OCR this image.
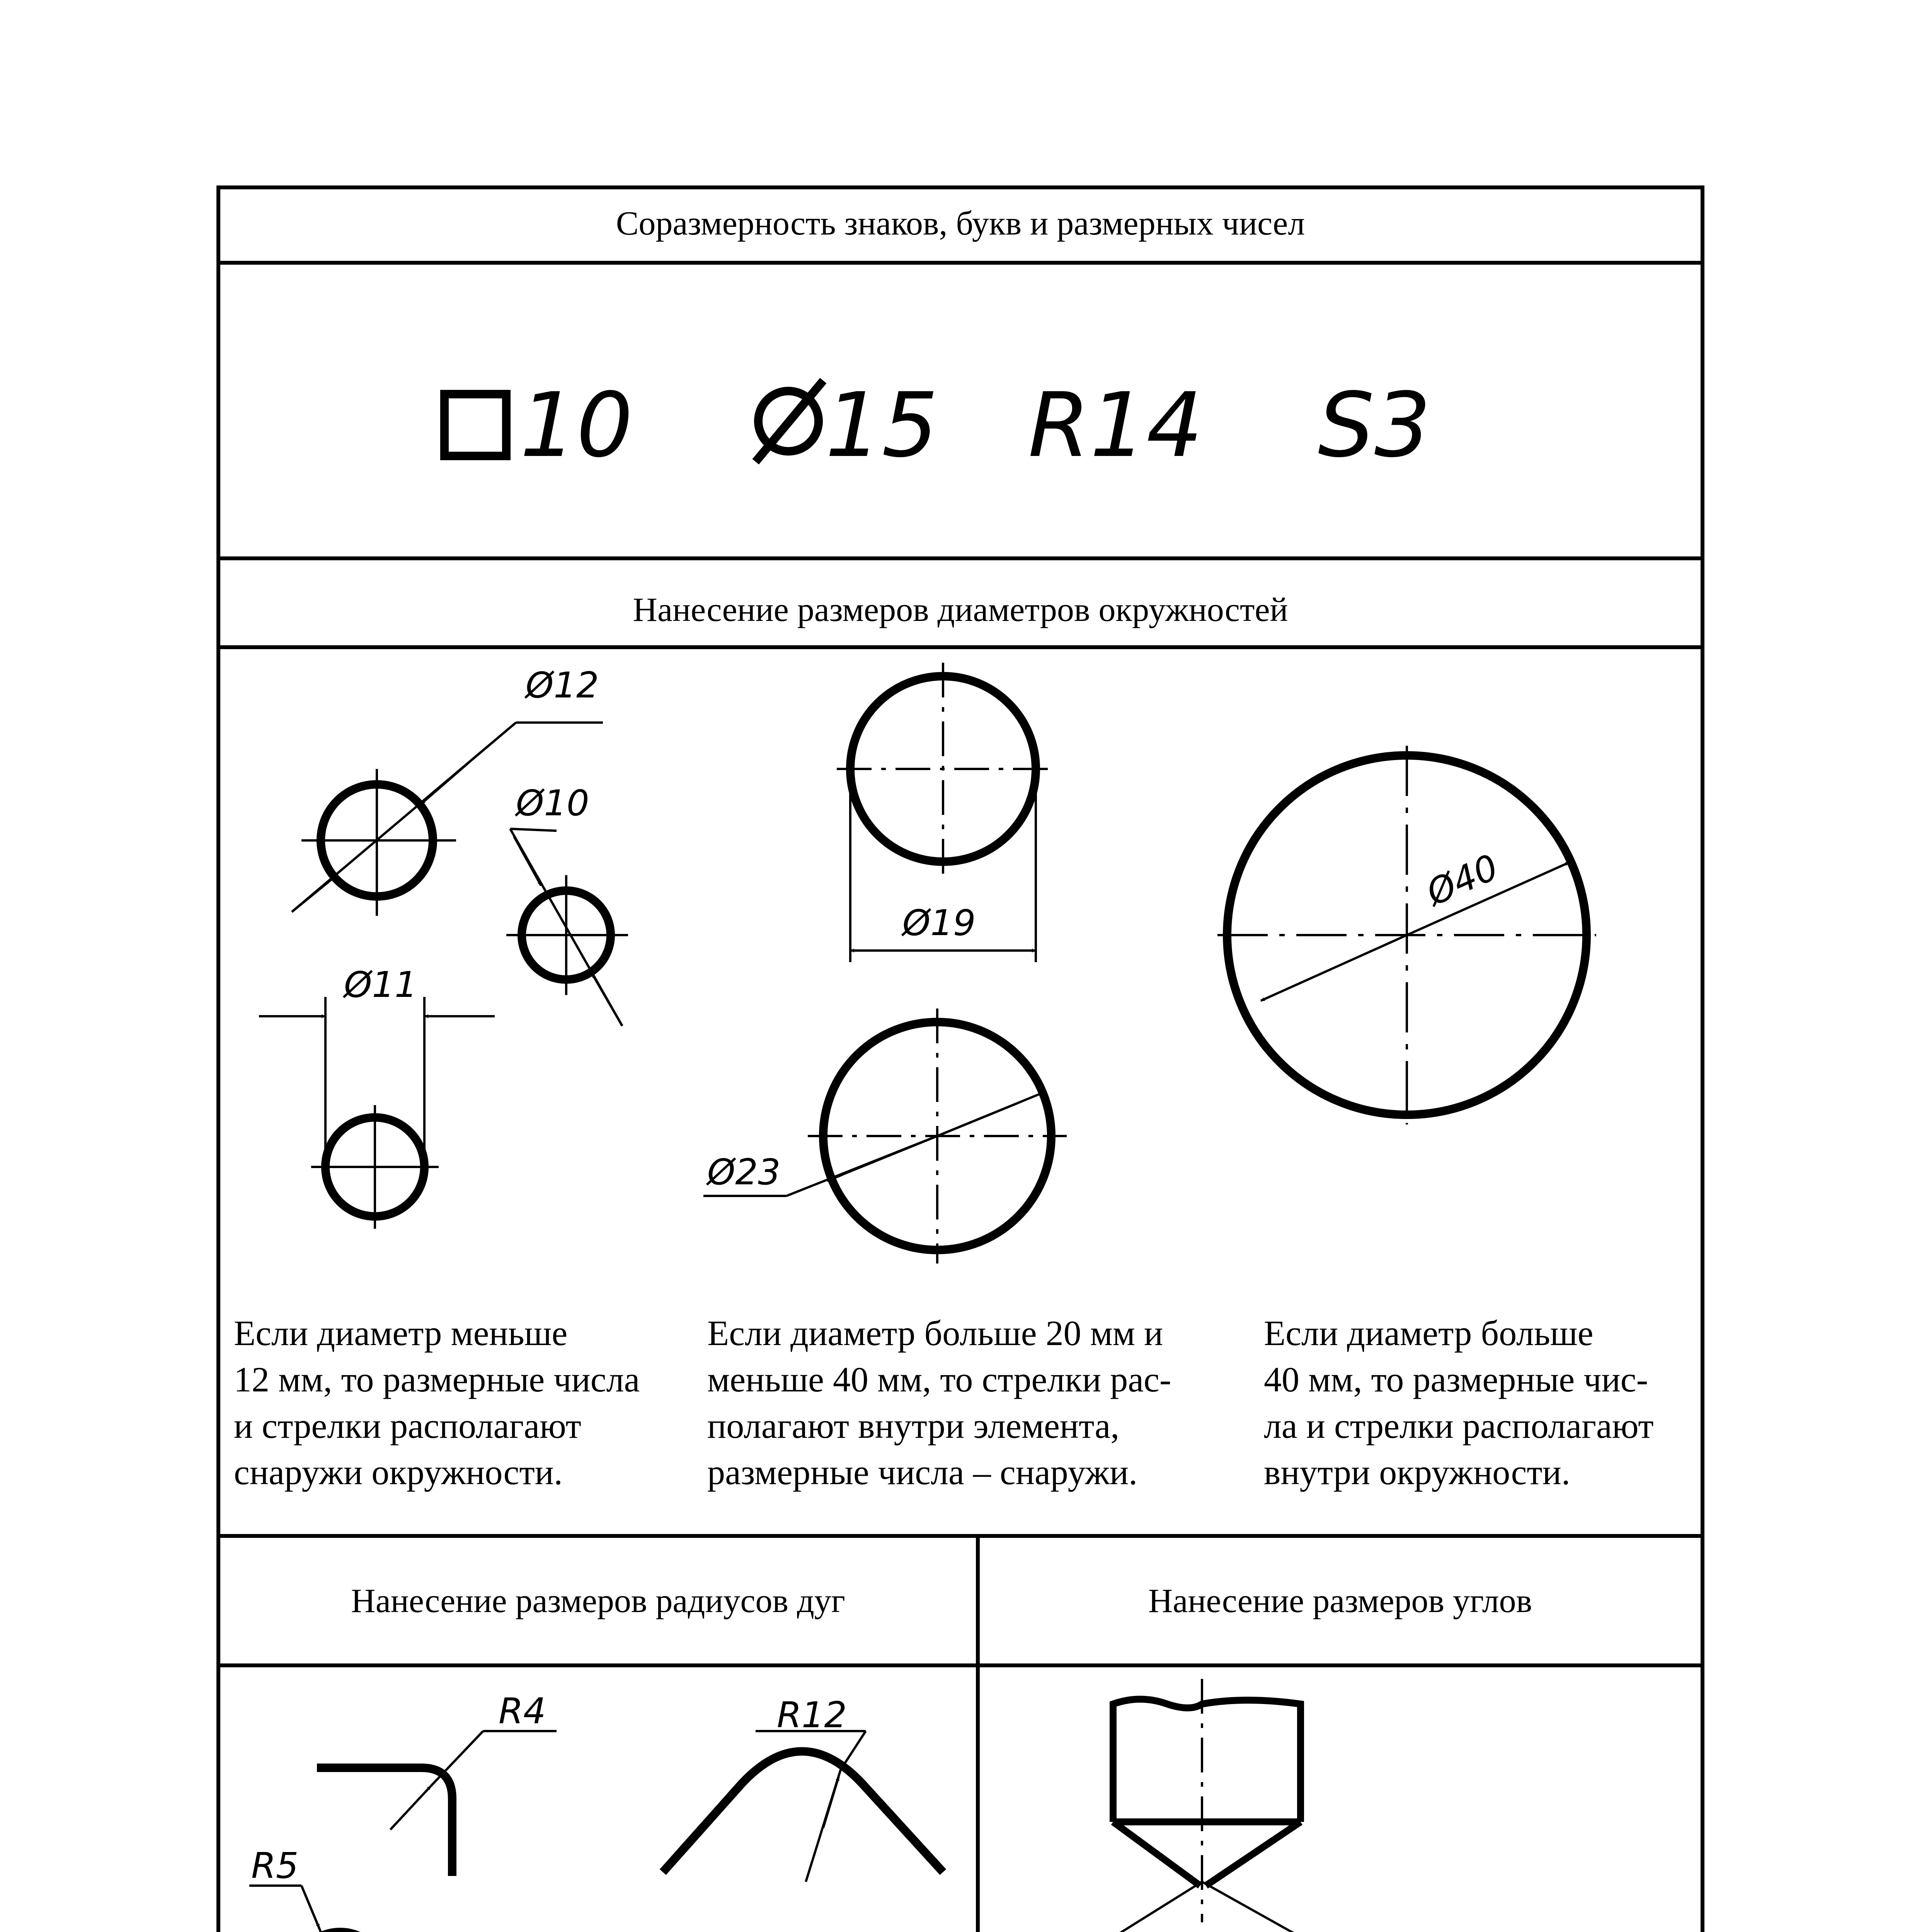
10 15 R14 S3
Ø12
Ø10
Ø11
Ø19
Ø23
Ø40
R4	R12
R5
Соразмерность знаков, букв и размерных чисел
Нанесение размеров диаметров окружностей
Нанесение размеров радиусов дуг	Нанесение размеров углов
Если диаметр меньше
12 мм, то размерные числа
и стрелки располагают
снаружи окружности.
Если диаметр больше 20 мм и
меньше 40 мм, то стрелки рас-
полагают внутри элемента,
размерные числа – снаружи.
Если диаметр больше
40 мм, то размерные чис-
ла и стрелки располагают
внутри окружности.
